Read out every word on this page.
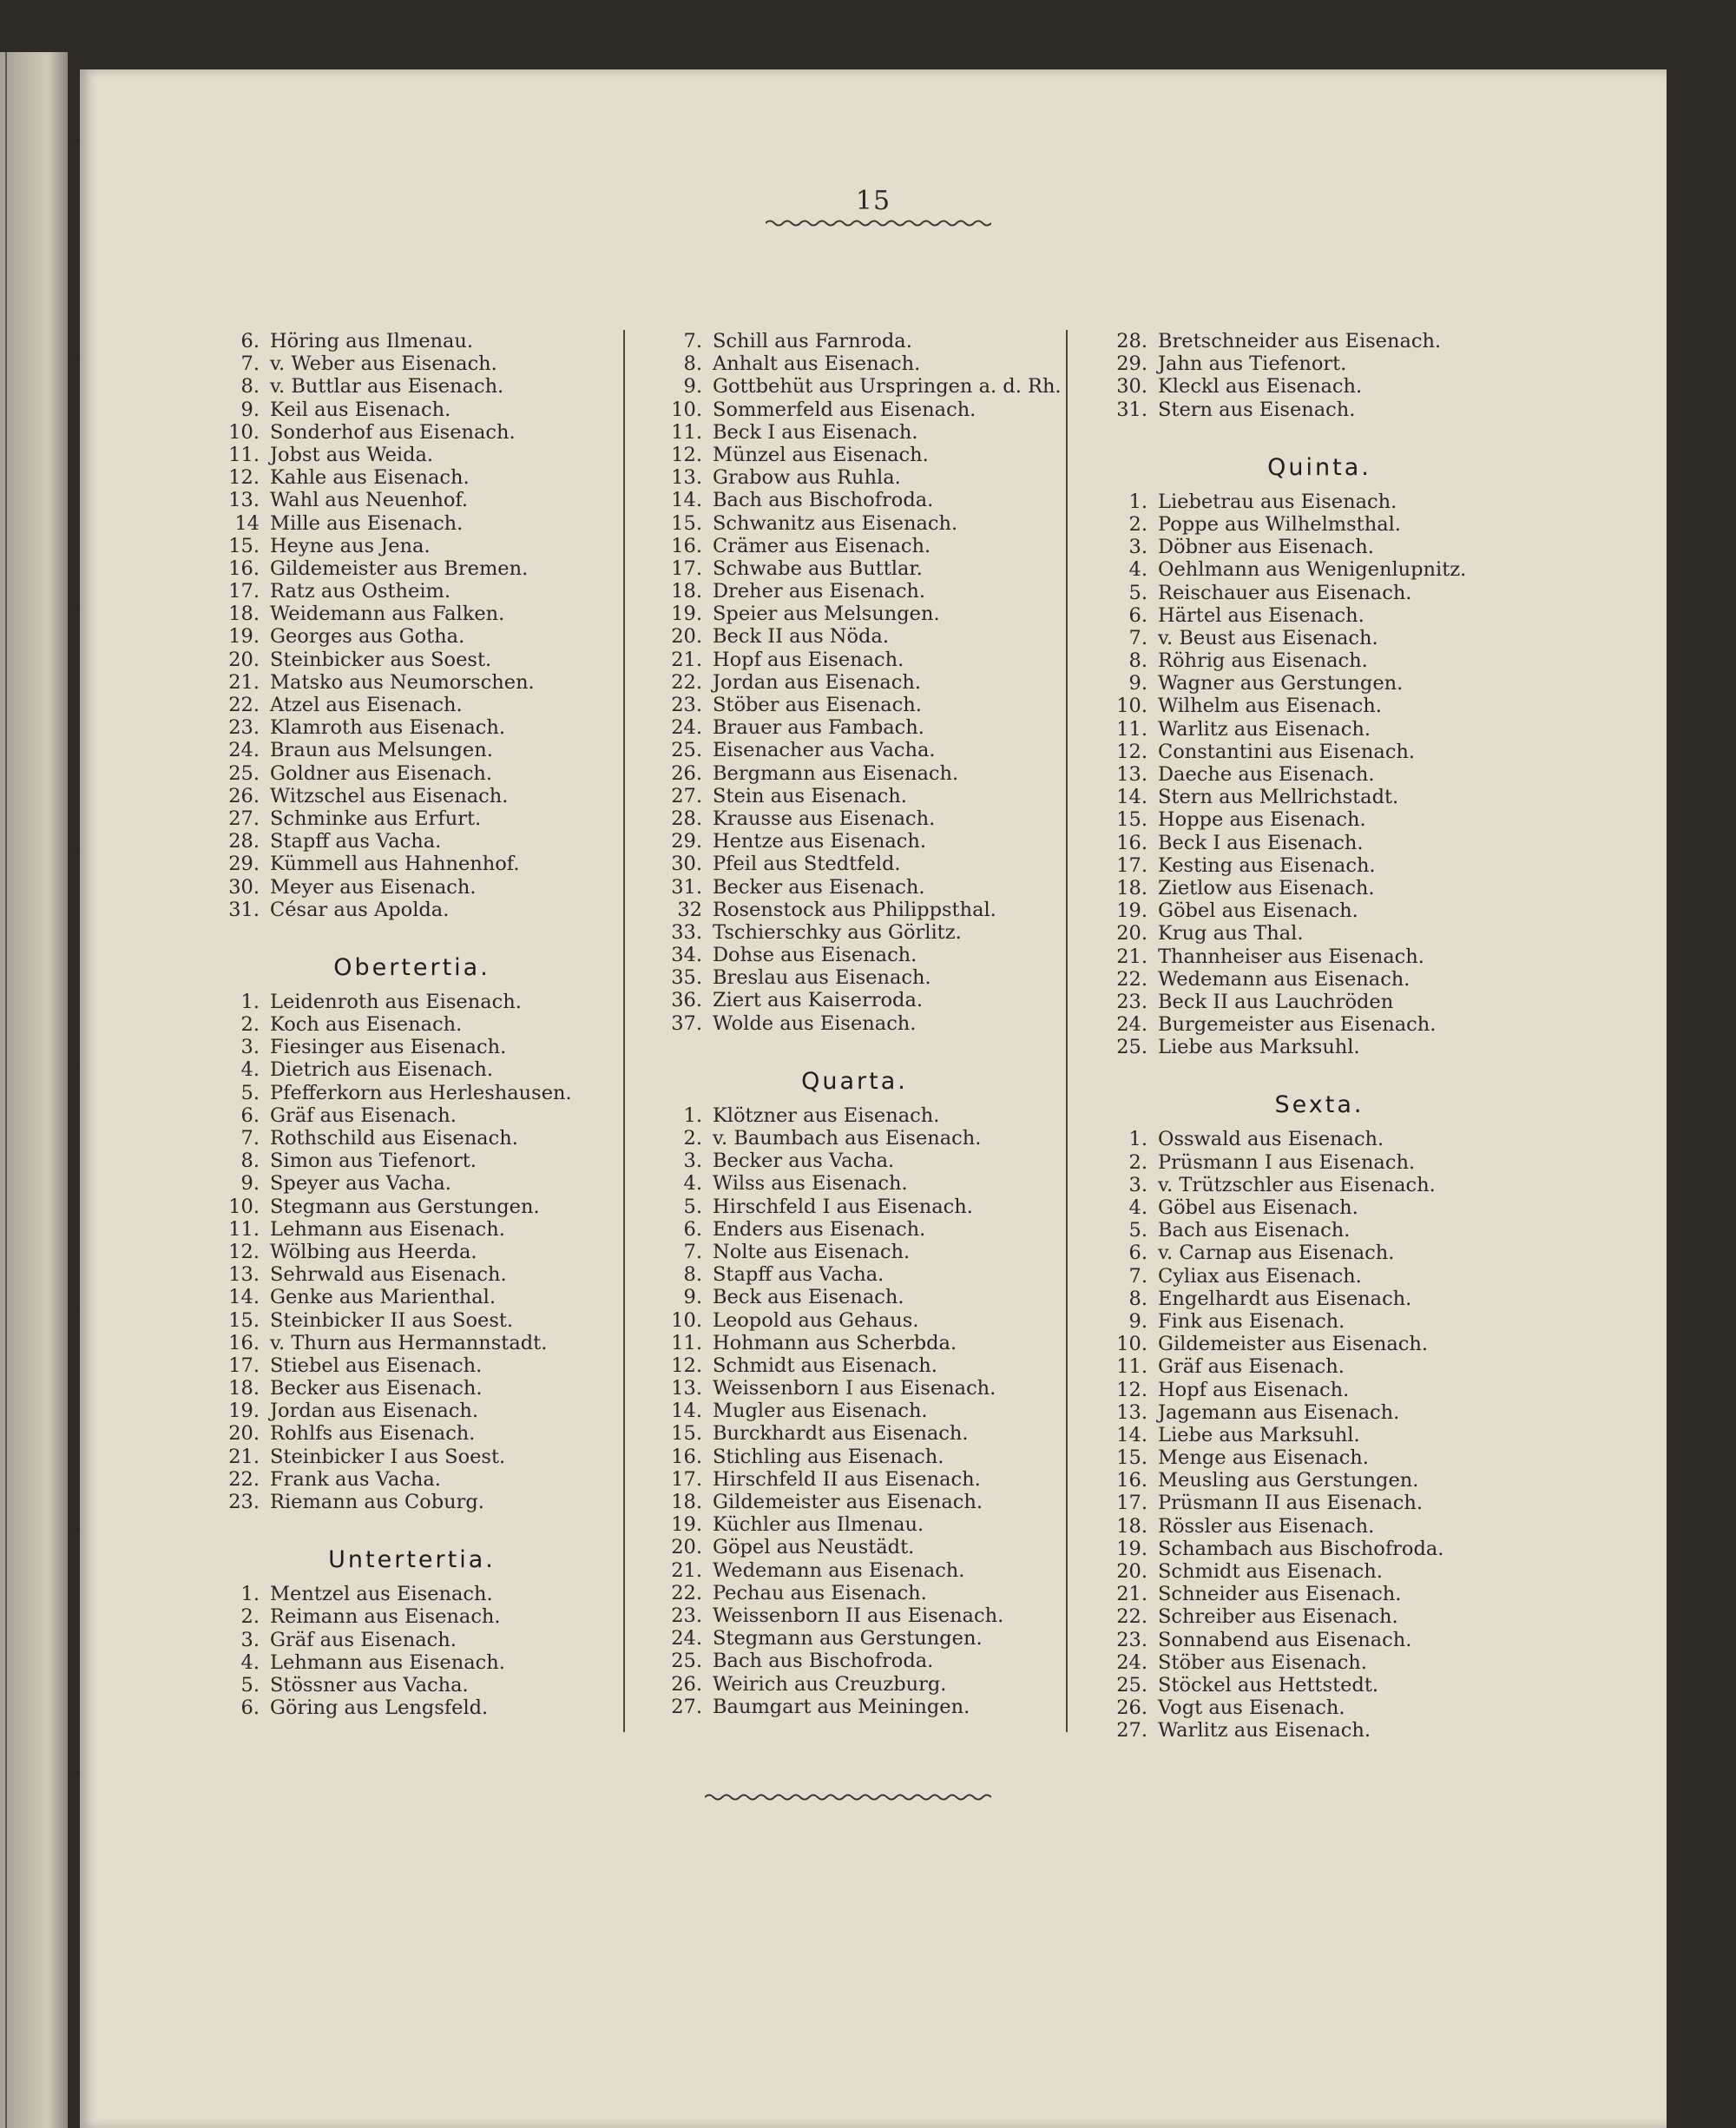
15
6. Höring aus Ilmenau.
7. v. Weber aus Eisenach.
8. v. Buttlar aus Eisenach.
9. Keil aus Eisenach.
10. Sonderhof aus Eisenach.
11. Jobst aus Weida.
12. Kahle aus Eisenach.
13. Wahl aus Neuenhof.
14 Mille aus Eisenach.
15. Heyne aus Jena.
16. Gildemeister aus Bremen.
17. Ratz aus Ostheim.
18. Weidemann aus Falken.
19. Georges aus Gotha.
20. Steinbicker aus Soest.
21. Matsko aus Neumorschen.
22. Atzel aus Eisenach.
23. Klamroth aus Eisenach.
24. Braun aus Melsungen.
25. Goldner aus Eisenach.
26. Witzschel aus Eisenach.
27. Schminke aus Erfurt.
28. Stapff aus Vacha.
29. Kümmell aus Hahnenhof.
30. Meyer aus Eisenach.
31. César aus Apolda.
Obertertia.
1. Leidenroth aus Eisenach.
2. Koch aus Eisenach.
3. Fiesinger aus Eisenach.
4. Dietrich aus Eisenach.
5. Pfefferkorn aus Herleshausen.
6. Gräf aus Eisenach.
7. Rothschild aus Eisenach.
8. Simon aus Tiefenort.
9. Speyer aus Vacha.
10. Stegmann aus Gerstungen.
11. Lehmann aus Eisenach.
12. Wölbing aus Heerda.
13. Sehrwald aus Eisenach.
14. Genke aus Marienthal.
15. Steinbicker II aus Soest.
16. v. Thurn aus Hermannstadt.
17. Stiebel aus Eisenach.
18. Becker aus Eisenach.
19. Jordan aus Eisenach.
20. Rohlfs aus Eisenach.
21. Steinbicker I aus Soest.
22. Frank aus Vacha.
23. Riemann aus Coburg.
Untertertia.
1. Mentzel aus Eisenach.
2. Reimann aus Eisenach.
3. Gräf aus Eisenach.
4. Lehmann aus Eisenach.
5. Stössner aus Vacha.
6. Göring aus Lengsfeld.
7. Schill aus Farnroda.
8. Anhalt aus Eisenach.
9. Gottbehüt aus Urspringen a. d. Rh.
10. Sommerfeld aus Eisenach.
11. Beck I aus Eisenach.
12. Münzel aus Eisenach.
13. Grabow aus Ruhla.
14. Bach aus Bischofroda.
15. Schwanitz aus Eisenach.
16. Crämer aus Eisenach.
17. Schwabe aus Buttlar.
18. Dreher aus Eisenach.
19. Speier aus Melsungen.
20. Beck II aus Nöda.
21. Hopf aus Eisenach.
22. Jordan aus Eisenach.
23. Stöber aus Eisenach.
24. Brauer aus Fambach.
25. Eisenacher aus Vacha.
26. Bergmann aus Eisenach.
27. Stein aus Eisenach.
28. Krausse aus Eisenach.
29. Hentze aus Eisenach.
30. Pfeil aus Stedtfeld.
31. Becker aus Eisenach.
32 Rosenstock aus Philippsthal.
33. Tschierschky aus Görlitz.
34. Dohse aus Eisenach.
35. Breslau aus Eisenach.
36. Ziert aus Kaiserroda.
37. Wolde aus Eisenach.
Quarta.
1. Klötzner aus Eisenach.
2. v. Baumbach aus Eisenach.
3. Becker aus Vacha.
4. Wilss aus Eisenach.
5. Hirschfeld I aus Eisenach.
6. Enders aus Eisenach.
7. Nolte aus Eisenach.
8. Stapff aus Vacha.
9. Beck aus Eisenach.
10. Leopold aus Gehaus.
11. Hohmann aus Scherbda.
12. Schmidt aus Eisenach.
13. Weissenborn I aus Eisenach.
14. Mugler aus Eisenach.
15. Burckhardt aus Eisenach.
16. Stichling aus Eisenach.
17. Hirschfeld II aus Eisenach.
18. Gildemeister aus Eisenach.
19. Küchler aus Ilmenau.
20. Göpel aus Neustädt.
21. Wedemann aus Eisenach.
22. Pechau aus Eisenach.
23. Weissenborn II aus Eisenach.
24. Stegmann aus Gerstungen.
25. Bach aus Bischofroda.
26. Weirich aus Creuzburg.
27. Baumgart aus Meiningen.
28. Bretschneider aus Eisenach.
29. Jahn aus Tiefenort.
30. Kleckl aus Eisenach.
31. Stern aus Eisenach.
Quinta.
1. Liebetrau aus Eisenach.
2. Poppe aus Wilhelmsthal.
3. Döbner aus Eisenach.
4. Oehlmann aus Wenigenlupnitz.
5. Reischauer aus Eisenach.
6. Härtel aus Eisenach.
7. v. Beust aus Eisenach.
8. Röhrig aus Eisenach.
9. Wagner aus Gerstungen.
10. Wilhelm aus Eisenach.
11. Warlitz aus Eisenach.
12. Constantini aus Eisenach.
13. Daeche aus Eisenach.
14. Stern aus Mellrichstadt.
15. Hoppe aus Eisenach.
16. Beck I aus Eisenach.
17. Kesting aus Eisenach.
18. Zietlow aus Eisenach.
19. Göbel aus Eisenach.
20. Krug aus Thal.
21. Thannheiser aus Eisenach.
22. Wedemann aus Eisenach.
23. Beck II aus Lauchröden
24. Burgemeister aus Eisenach.
25. Liebe aus Marksuhl.
Sexta.
1. Osswald aus Eisenach.
2. Prüsmann I aus Eisenach.
3. v. Trützschler aus Eisenach.
4. Göbel aus Eisenach.
5. Bach aus Eisenach.
6. v. Carnap aus Eisenach.
7. Cyliax aus Eisenach.
8. Engelhardt aus Eisenach.
9. Fink aus Eisenach.
10. Gildemeister aus Eisenach.
11. Gräf aus Eisenach.
12. Hopf aus Eisenach.
13. Jagemann aus Eisenach.
14. Liebe aus Marksuhl.
15. Menge aus Eisenach.
16. Meusling aus Gerstungen.
17. Prüsmann II aus Eisenach.
18. Rössler aus Eisenach.
19. Schambach aus Bischofroda.
20. Schmidt aus Eisenach.
21. Schneider aus Eisenach.
22. Schreiber aus Eisenach.
23. Sonnabend aus Eisenach.
24. Stöber aus Eisenach.
25. Stöckel aus Hettstedt.
26. Vogt aus Eisenach.
27. Warlitz aus Eisenach.
